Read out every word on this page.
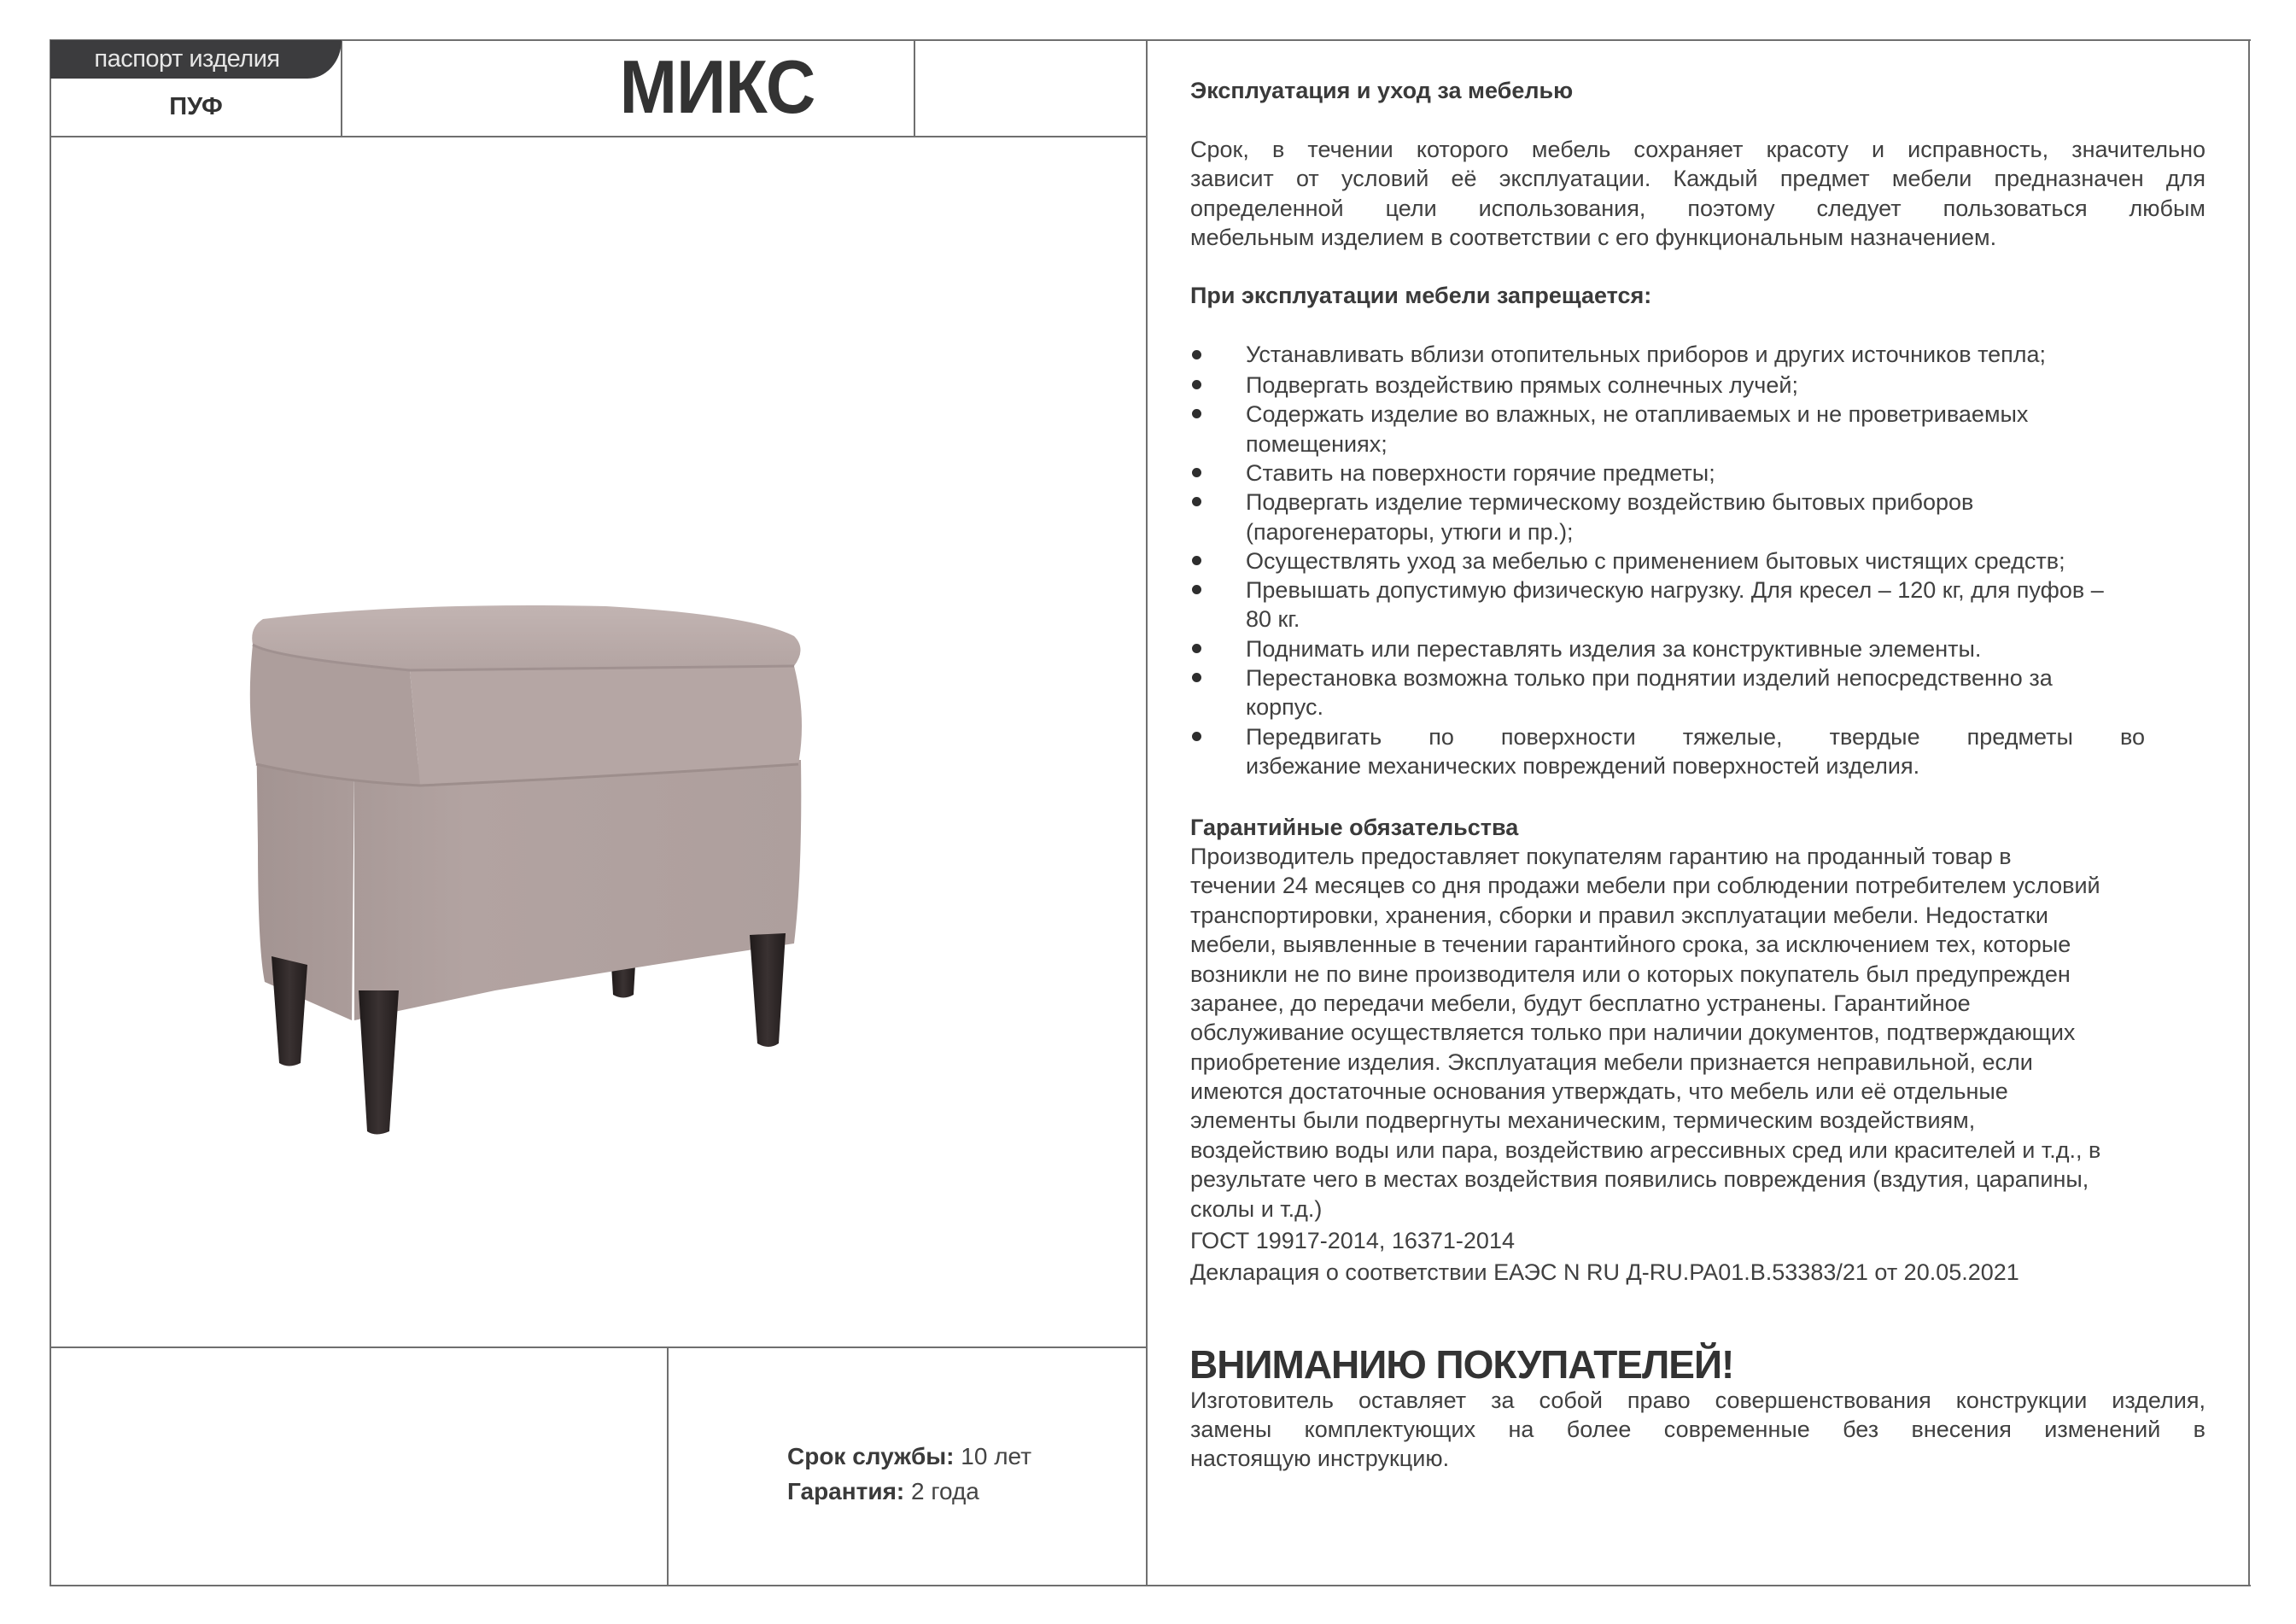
паспорт изделия
ПУФ	МИКС
Срок службы: 10 лет
Гарантия: 2 года
Эксплуатация и уход за мебелью
Срок, в течении которого мебель сохраняет красоту и исправность, значительно
зависит от условий её эксплуатации. Каждый предмет мебели предназначен для
определенной цели использования, поэтому следует пользоваться любым
мебельным изделием в соответствии с его функциональным назначением.
При эксплуатации мебели запрещается:
Устанавливать вблизи отопительных приборов и других источников тепла;
Подвергать воздействию прямых солнечных лучей;
Содержать изделие во влажных, не отапливаемых и не проветриваемых
помещениях;
Ставить на поверхности горячие предметы;
Подвергать изделие термическому воздействию бытовых приборов
(парогенераторы, утюги и пр.);
Осуществлять уход за мебелью с применением бытовых чистящих средств;
Превышать допустимую физическую нагрузку. Для кресел – 120 кг, для пуфов –
80 кг.
Поднимать или переставлять изделия за конструктивные элементы.
Перестановка возможна только при поднятии изделий непосредственно за
корпус.
Передвигать по поверхности тяжелые, твердые предметы во
избежание механических повреждений поверхностей изделия.
Гарантийные обязательства
Производитель предоставляет покупателям гарантию на проданный товар в
течении 24 месяцев со дня продажи мебели при соблюдении потребителем условий
транспортировки, хранения, сборки и правил эксплуатации мебели. Недостатки
мебели, выявленные в течении гарантийного срока, за исключением тех, которые
возникли не по вине производителя или о которых покупатель был предупрежден
заранее, до передачи мебели, будут бесплатно устранены. Гарантийное
обслуживание осуществляется только при наличии документов, подтверждающих
приобретение изделия. Эксплуатация мебели признается неправильной, если
имеются достаточные основания утверждать, что мебель или её отдельные
элементы были подвергнуты механическим, термическим воздействиям,
воздействию воды или пара, воздействию агрессивных сред или красителей и т.д., в
результате чего в местах воздействия появились повреждения (вздутия, царапины,
сколы и т.д.)
ГОСТ 19917-2014, 16371-2014
Декларация о соответствии ЕАЭС N RU Д-RU.PA01.B.53383/21 от 20.05.2021
ВНИМАНИЮ ПОКУПАТЕЛЕЙ!
Изготовитель оставляет за собой право совершенствования конструкции изделия,
замены комплектующих на более современные без внесения изменений в
настоящую инструкцию.
